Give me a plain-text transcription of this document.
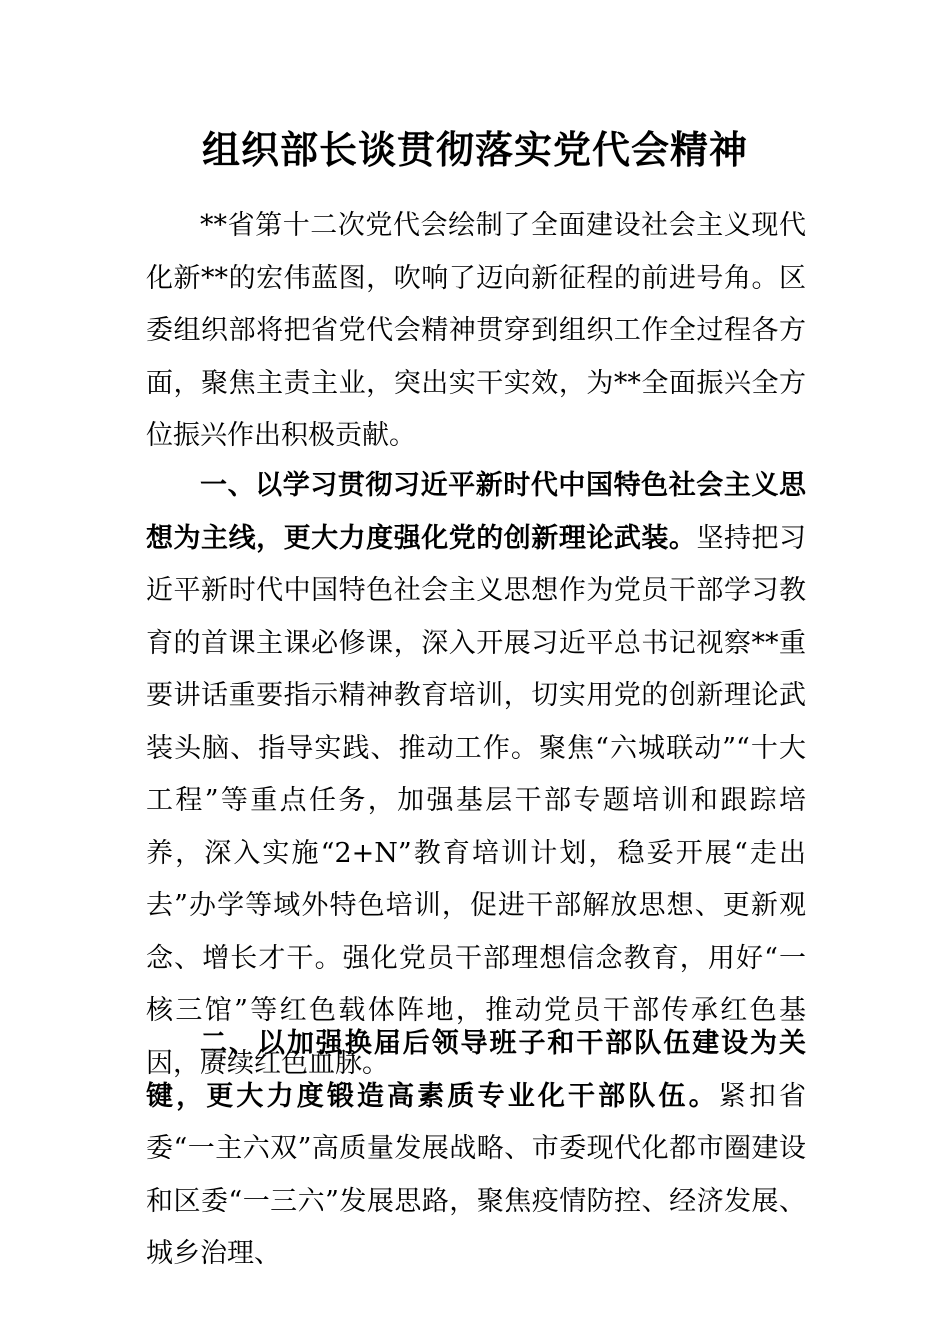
组织部长谈贯彻落实党代会精神

**省第十二次党代会绘制了全面建设社会主义现代化新**的宏伟蓝图，吹响了迈向新征程的前进号角。区委组织部将把省党代会精神贯穿到组织工作全过程各方面，聚焦主责主业，突出实干实效，为**全面振兴全方位振兴作出积极贡献。

一、以学习贯彻习近平新时代中国特色社会主义思想为主线，更大力度强化党的创新理论武装。坚持把习近平新时代中国特色社会主义思想作为党员干部学习教育的首课主课必修课，深入开展习近平总书记视察**重要讲话重要指示精神教育培训，切实用党的创新理论武装头脑、指导实践、推动工作。聚焦“六城联动”“十大工程”等重点任务，加强基层干部专题培训和跟踪培养，深入实施“2+N”教育培训计划，稳妥开展“走出去”办学等域外特色培训，促进干部解放思想、更新观念、增长才干。强化党员干部理想信念教育，用好“一核三馆”等红色载体阵地，推动党员干部传承红色基因，赓续红色血脉。

二、以加强换届后领导班子和干部队伍建设为关键，更大力度锻造高素质专业化干部队伍。紧扣省委“一主六双”高质量发展战略、市委现代化都市圈建设和区委“一三六”发展思路，聚焦疫情防控、经济发展、城乡治理、
